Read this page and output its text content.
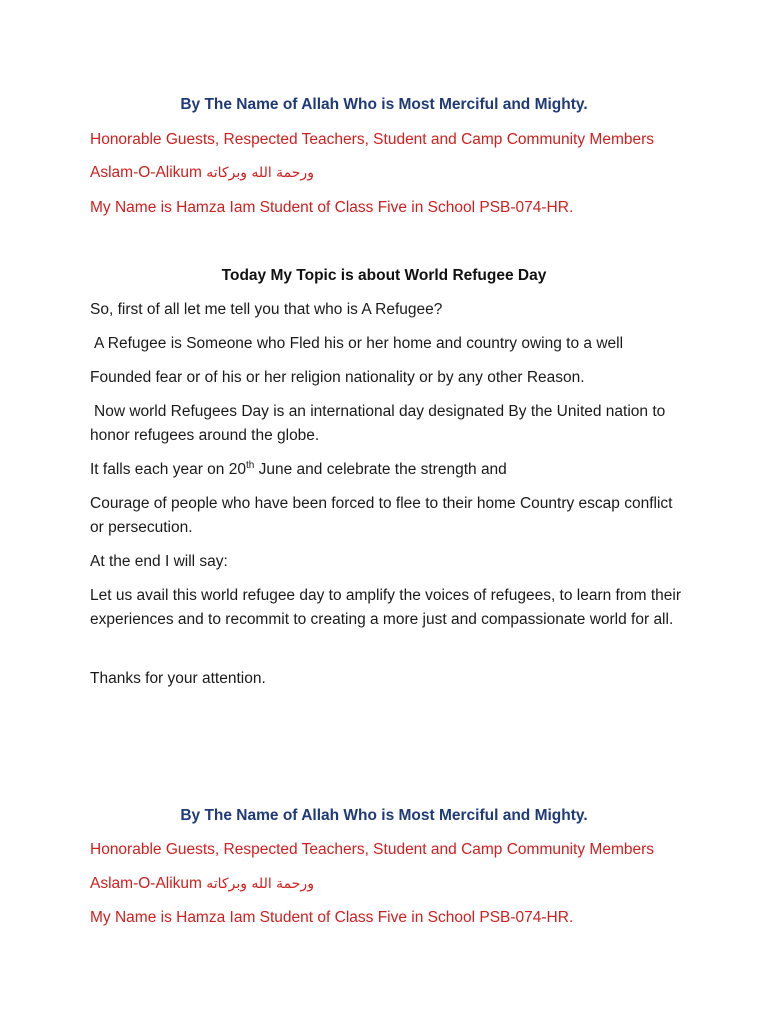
By The Name of Allah Who is Most Merciful and Mighty.
Honorable Guests, Respected Teachers, Student and Camp Community Members
Aslam-O-Alikum ورحمة الله وبركاته
My Name is Hamza Iam Student of Class Five in School PSB-074-HR.
Today My Topic is about World Refugee Day
So, first of all let me tell you that who is A Refugee?
A Refugee is Someone who Fled his or her home and country owing to a well
Founded fear or of his or her religion nationality or by any other Reason.
Now world Refugees Day is an international day designated By the United nation to honor refugees around the globe.
It falls each year on 20th June and celebrate the strength and
Courage of people who have been forced to flee to their home Country escap conflict or persecution.
At the end I will say:
Let us avail this world refugee day to amplify the voices of refugees, to learn from their experiences and to recommit to creating a more just and compassionate world for all.
Thanks for your attention.
By The Name of Allah Who is Most Merciful and Mighty.
Honorable Guests, Respected Teachers, Student and Camp Community Members
Aslam-O-Alikum ورحمة الله وبركاته
My Name is Hamza Iam Student of Class Five in School PSB-074-HR.
